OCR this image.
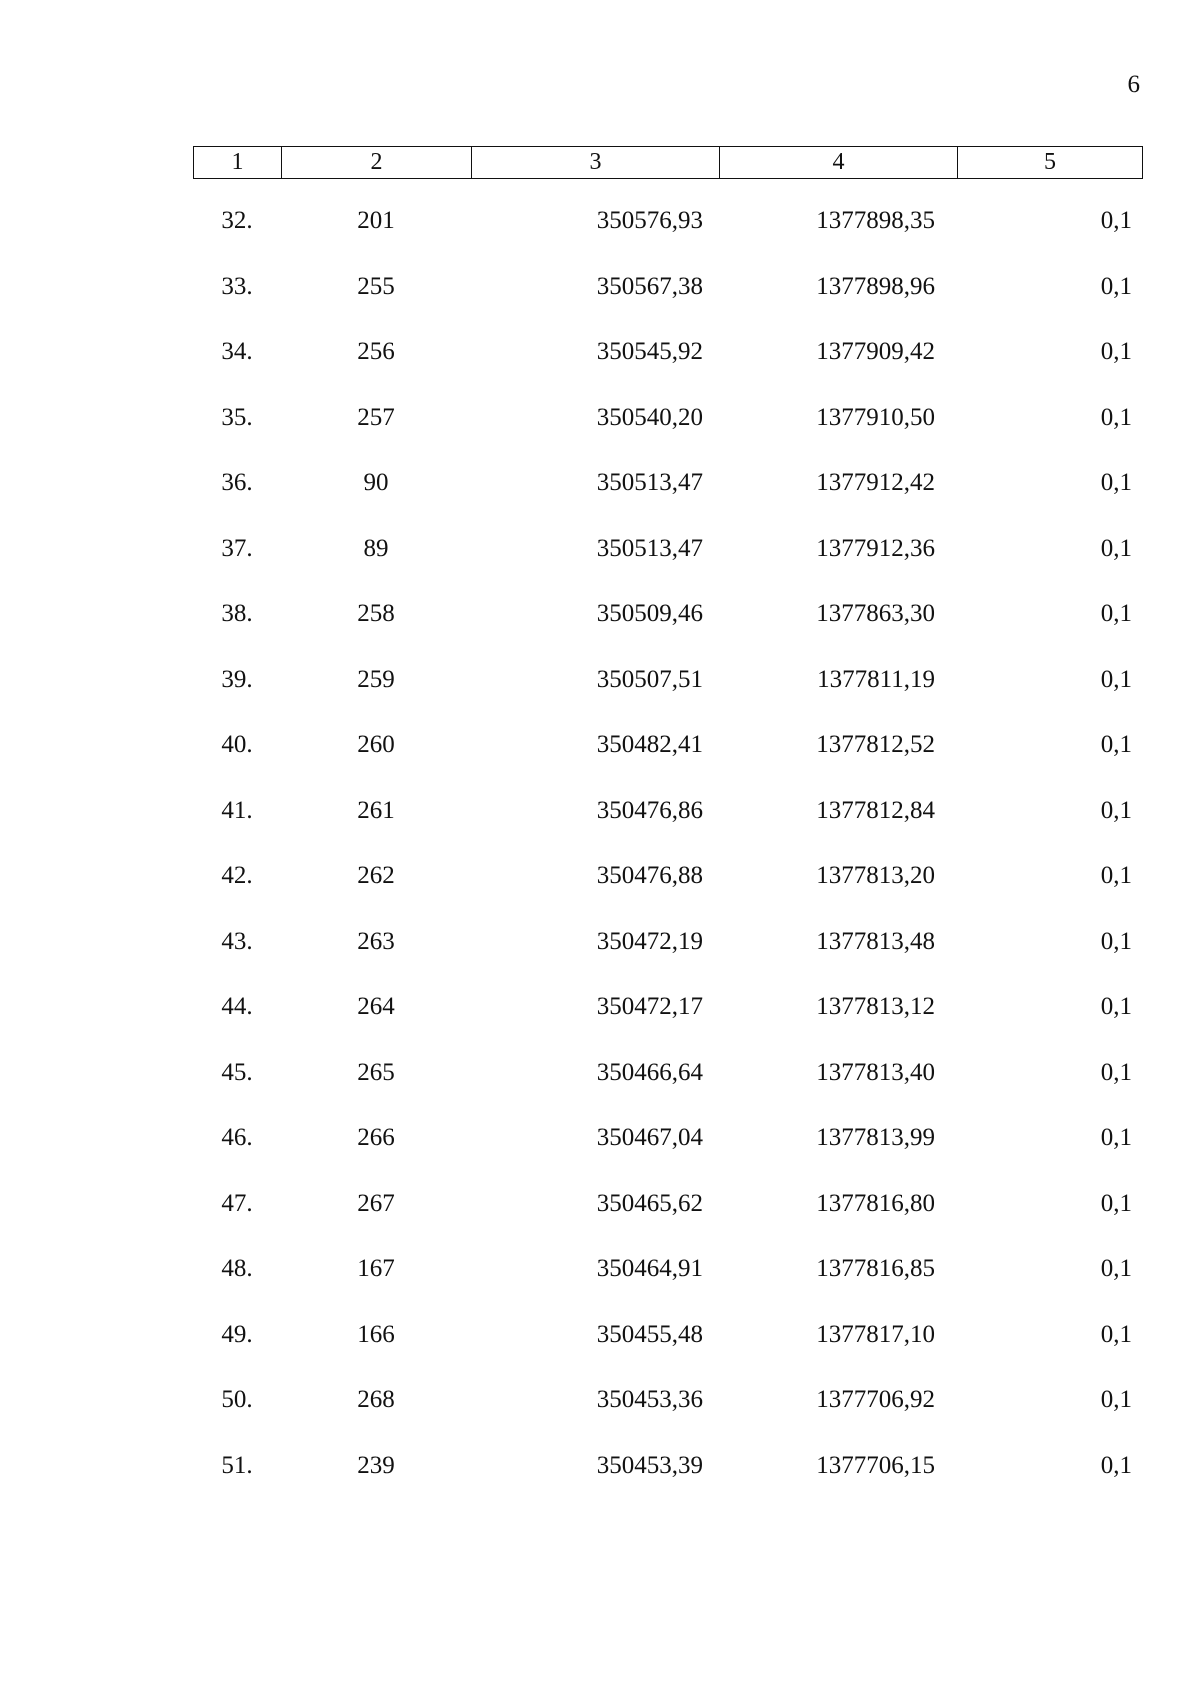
6
1	2	3	4	5
32.	201	350576,93	1377898,35	0,1
33.	255	350567,38	1377898,96	0,1
34.	256	350545,92	1377909,42	0,1
35.	257	350540,20	1377910,50	0,1
36.	90	350513,47	1377912,42	0,1
37.	89	350513,47	1377912,36	0,1
38.	258	350509,46	1377863,30	0,1
39.	259	350507,51	1377811,19	0,1
40.	260	350482,41	1377812,52	0,1
41.	261	350476,86	1377812,84	0,1
42.	262	350476,88	1377813,20	0,1
43.	263	350472,19	1377813,48	0,1
44.	264	350472,17	1377813,12	0,1
45.	265	350466,64	1377813,40	0,1
46.	266	350467,04	1377813,99	0,1
47.	267	350465,62	1377816,80	0,1
48.	167	350464,91	1377816,85	0,1
49.	166	350455,48	1377817,10	0,1
50.	268	350453,36	1377706,92	0,1
51.	239	350453,39	1377706,15	0,1
